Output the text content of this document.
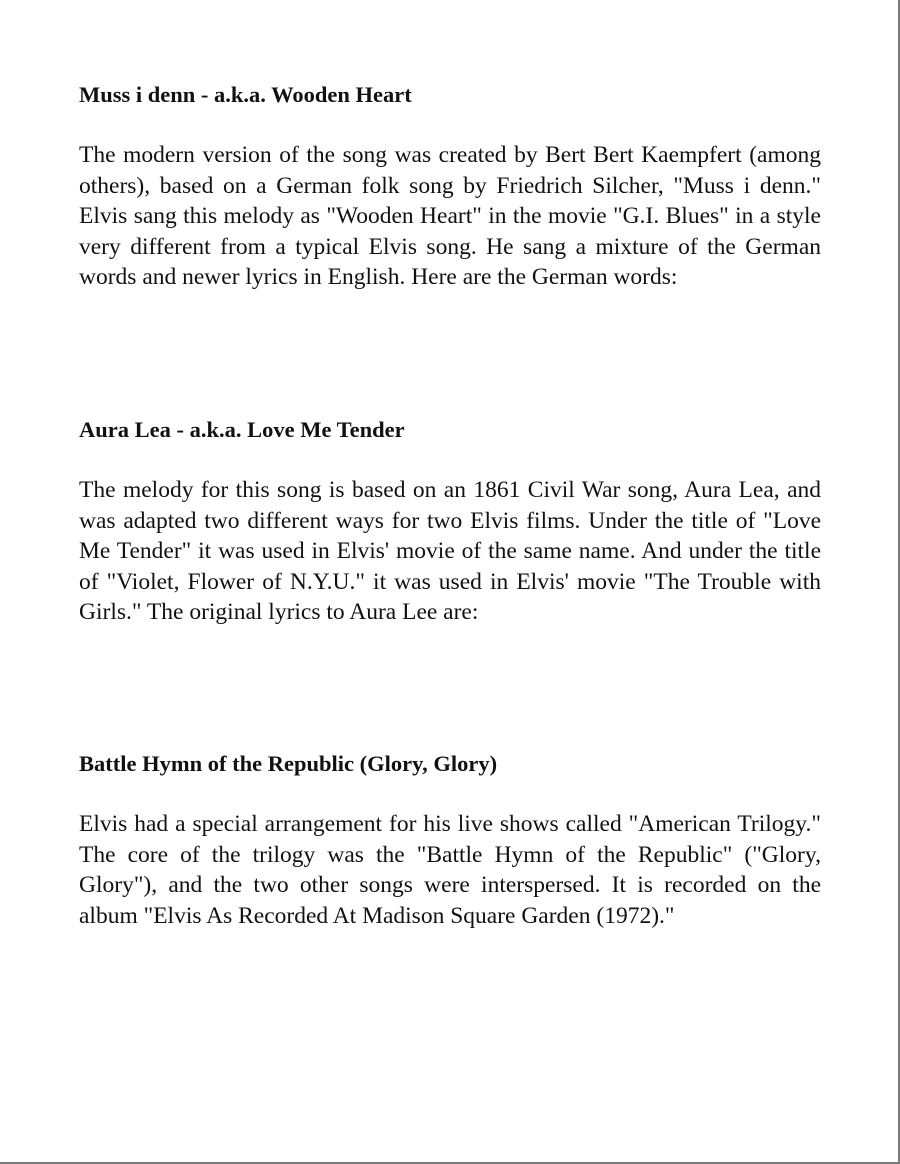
Muss i denn - a.k.a. Wooden Heart

The modern version of the song was created by Bert Bert Kaempfert (among others), based on a German folk song by Friedrich Silcher, "Muss i denn." Elvis sang this melody as "Wooden Heart" in the movie "G.I. Blues" in a style very different from a typical Elvis song. He sang a mixture of the German words and newer lyrics in English. Here are the German words:

Aura Lea - a.k.a. Love Me Tender

The melody for this song is based on an 1861 Civil War song, Aura Lea, and was adapted two different ways for two Elvis films. Under the title of "Love Me Tender" it was used in Elvis' movie of the same name. And under the title of "Violet, Flower of N.Y.U." it was used in Elvis' movie "The Trouble with Girls." The original lyrics to Aura Lee are:

Battle Hymn of the Republic (Glory, Glory)

Elvis had a special arrangement for his live shows called "American Trilogy." The core of the trilogy was the "Battle Hymn of the Republic" ("Glory, Glory"), and the two other songs were interspersed. It is recorded on the album "Elvis As Recorded At Madison Square Garden (1972)."
